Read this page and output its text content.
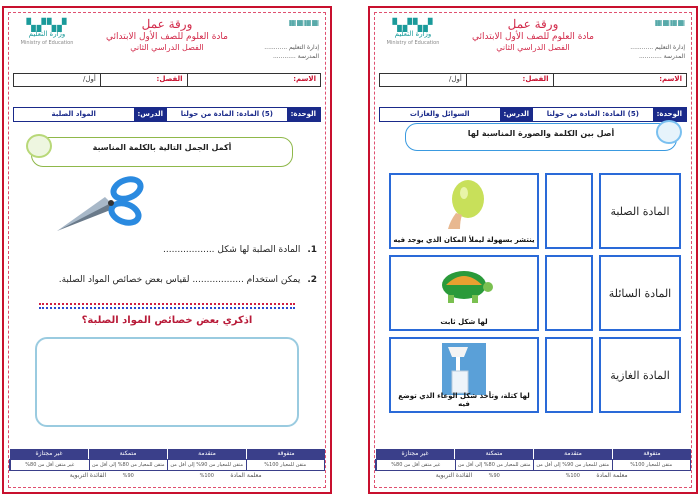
▦▦▦▦
إدارة التعليم ............
المدرسة ............
ورقة عمل
مادة العلوم للصف الأول الابتدائي
الفصل الدراسي الثاني
▞▚▞▚
وزارة التعليم
Ministry of Education
الاسم:
الفصل:
أول/
الوحدة:
(5) المادة: المادة من حولنا
الدرس:
المواد الصلبة
أكمل الجمل التالية بالكلمة المناسبة
1. المادة الصلبة لها شكل ..................
2. يمكن استخدام .................. لقياس بعض خصائص المواد الصلبة.
اذكري بعض خصائص المواد الصلبة؟
متفوقة
متقدمة
متمكنة
غير مجتازة
متقن للمعيار 100%
متقن للمعيار من 90% إلى أقل من 100%
متقن للمعيار من 80% إلى أقل من 90%
غير متقن أقل من 80%
معلمة المادة
القائدة التربوية
▦▦▦▦
إدارة التعليم ............
المدرسة ............
ورقة عمل
مادة العلوم للصف الأول الابتدائي
الفصل الدراسي الثاني
▞▚▞▚
وزارة التعليم
Ministry of Education
الاسم:
الفصل:
أول/
الوحدة:
(5) المادة: المادة من حولنا
الدرس:
السوائل والغازات
أصل بين الكلمة والصورة المناسبة لها
المادة الصلبة
ينتشر بسهولة ليملأ المكان الذي يوجد فيه
المادة السائلة
لها شكل ثابت
المادة الغازية
لها كتلة، وتأخذ شكل الوعاء الذي توضع فيه
متفوقة
متقدمة
متمكنة
غير مجتازة
متقن للمعيار 100%
متقن للمعيار من 90% إلى أقل من 100%
متقن للمعيار من 80% إلى أقل من 90%
غير متقن أقل من 80%
معلمة المادة
القائدة التربوية
